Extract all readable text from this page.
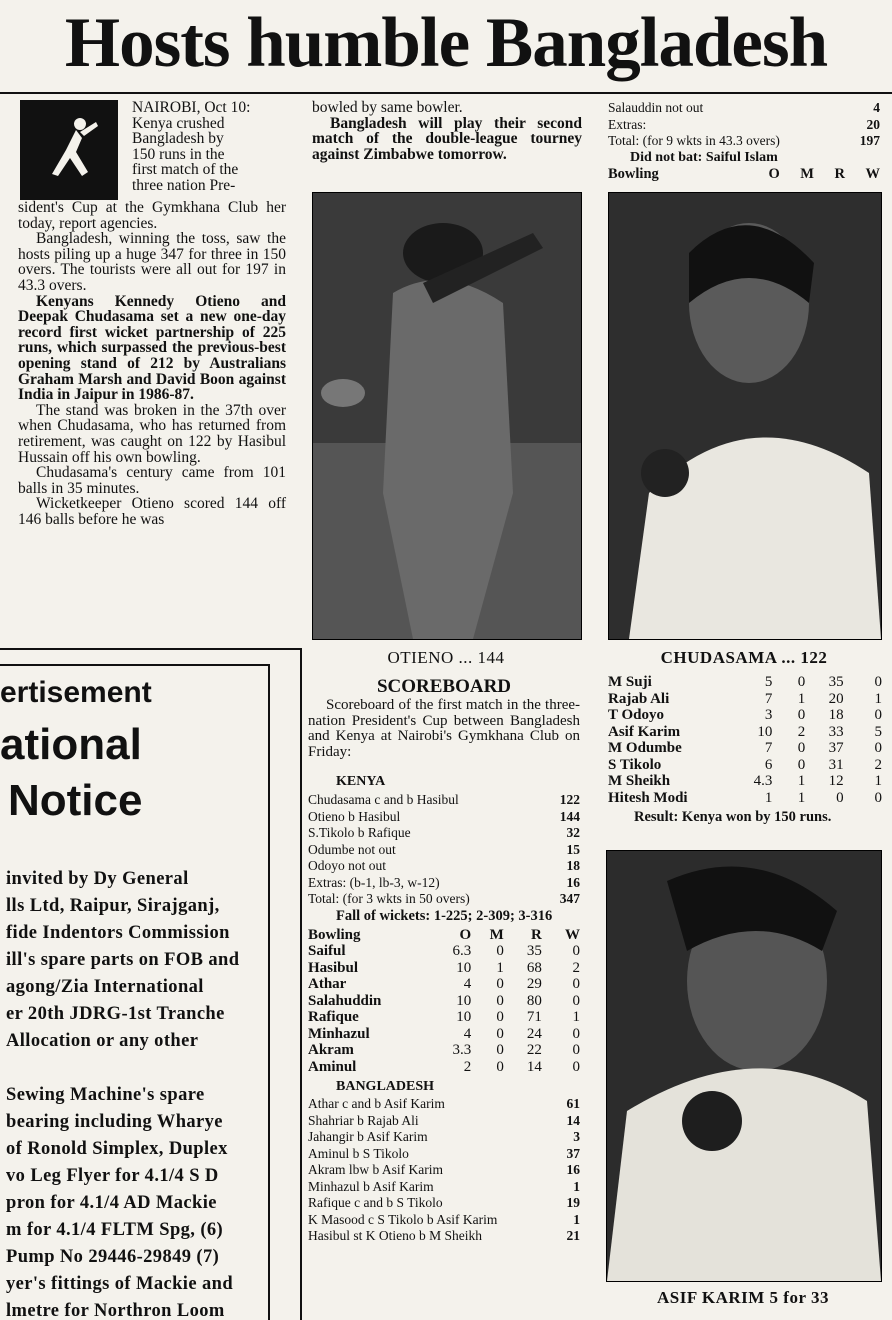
Hosts humble Bangladesh

NAIROBI, Oct 10:

Kenya crushed

Bangladesh by

150 runs in the

first match of the

three nation Pre-

sident's Cup at the Gymkhana Club her today, report agencies.

Bangladesh, winning the toss, saw the hosts piling up a huge 347 for three in 150 overs. The tourists were all out for 197 in 43.3 overs.

Kenyans Kennedy Otieno and Deepak Chudasama set a new one-day record first wicket partnership of 225 runs, which surpassed the previous-best opening stand of 212 by Australians Graham Marsh and David Boon against India in Jaipur in 1986-87.

The stand was broken in the 37th over when Chudasama, who has returned from retirement, was caught on 122 by Hasibul Hussain off his own bowling.

Chudasama's century came from 101 balls in 35 minutes.

Wicketkeeper Otieno scored 144 off 146 balls before he was

bowled by same bowler.

Bangladesh will play their second match of the double-league tourney against Zimbabwe tomorrow.

OTIENO ... 144	CHUDASAMA ... 122
Salauddin not out	4
Extras:	20
Total: (for 9 wkts in 43.3 overs)	197
Did not bat: Saiful Islam
Bowling	O M R W
SCOREBOARD
Scoreboard of the first match in the three-nation President's Cup between Bangladesh and Kenya at Nairobi's Gymkhana Club on Friday:
KENYA
Chudasama c and b Hasibul	122
Otieno b Hasibul	144
S.Tikolo b Rafique	32
Odumbe not out	15
Odoyo not out	18
Extras: (b-1, lb-3, w-12)	16
Total: (for 3 wkts in 50 overs)	347
Fall of wickets: 1-225; 2-309; 3-316
Bowling	O	M	R	W
Saiful	6.3	0	35	0
Hasibul	10	1	68	2
Athar	4	0	29	0
Salahuddin	10	0	80	0
Rafique	10	0	71	1
Minhazul	4	0	24	0
Akram	3.3	0	22	0
Aminul	2	0	14	0
BANGLADESH
Athar c and b Asif Karim	61
Shahriar b Rajab Ali	14
Jahangir b Asif Karim	3
Aminul b S Tikolo	37
Akram lbw b Asif Karim	16
Minhazul b Asif Karim	1
Rafique c and b S Tikolo	19
K Masood c S Tikolo b Asif Karim	1
Hasibul st K Otieno b M Sheikh	21
M Suji	5	0	35	0
Rajab Ali	7	1	20	1
T Odoyo	3	0	18	0
Asif Karim	10	2	33	5
M Odumbe	7	0	37	0
S Tikolo	6	0	31	2
M Sheikh	4.3	1	12	1
Hitesh Modi	1	1	0	0
Result: Kenya won by 150 runs.
ASIF KARIM 5 for 33
ertisement
ational
Notice
invited by Dy General
lls Ltd, Raipur, Sirajganj,
fide Indentors Commission
ill's spare parts on FOB and
agong/Zia International
er 20th JDRG-1st Tranche
Allocation or any other
Sewing Machine's spare
bearing including Wharye
of Ronold Simplex, Duplex
vo Leg Flyer for 4.1/4 S D
pron for 4.1/4 AD Mackie
m for 4.1/4 FLTM Spg, (6)
Pump No 29446-29849 (7)
yer's fittings of Mackie and
lmetre for Northron Loom
